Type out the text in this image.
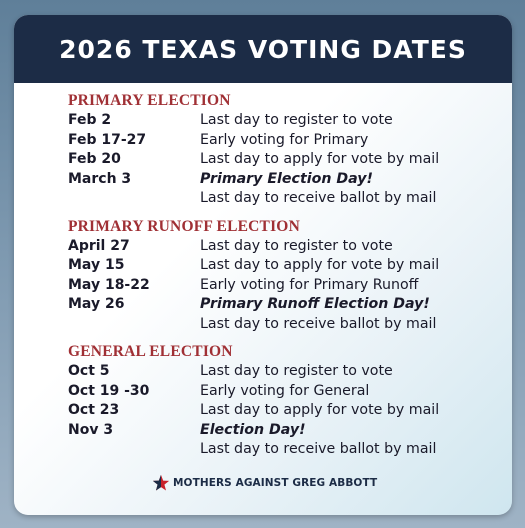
2026 TEXAS VOTING DATES
PRIMARY ELECTION
Feb 2	Last day to register to vote
Feb 17-27	Early voting for Primary
Feb 20	Last day to apply for vote by mail
March 3	Primary Election Day!
Last day to receive ballot by mail
PRIMARY RUNOFF ELECTION
April 27	Last day to register to vote
May 15	Last day to apply for vote by mail
May 18-22	Early voting for Primary Runoff
May 26	Primary Runoff Election Day!
Last day to receive ballot by mail
GENERAL ELECTION
Oct 5	Last day to register to vote
Oct 19 -30	Early voting for General
Oct 23	Last day to apply for vote by mail
Nov 3	Election Day!
Last day to receive ballot by mail
MOTHERS AGAINST GREG ABBOTT
